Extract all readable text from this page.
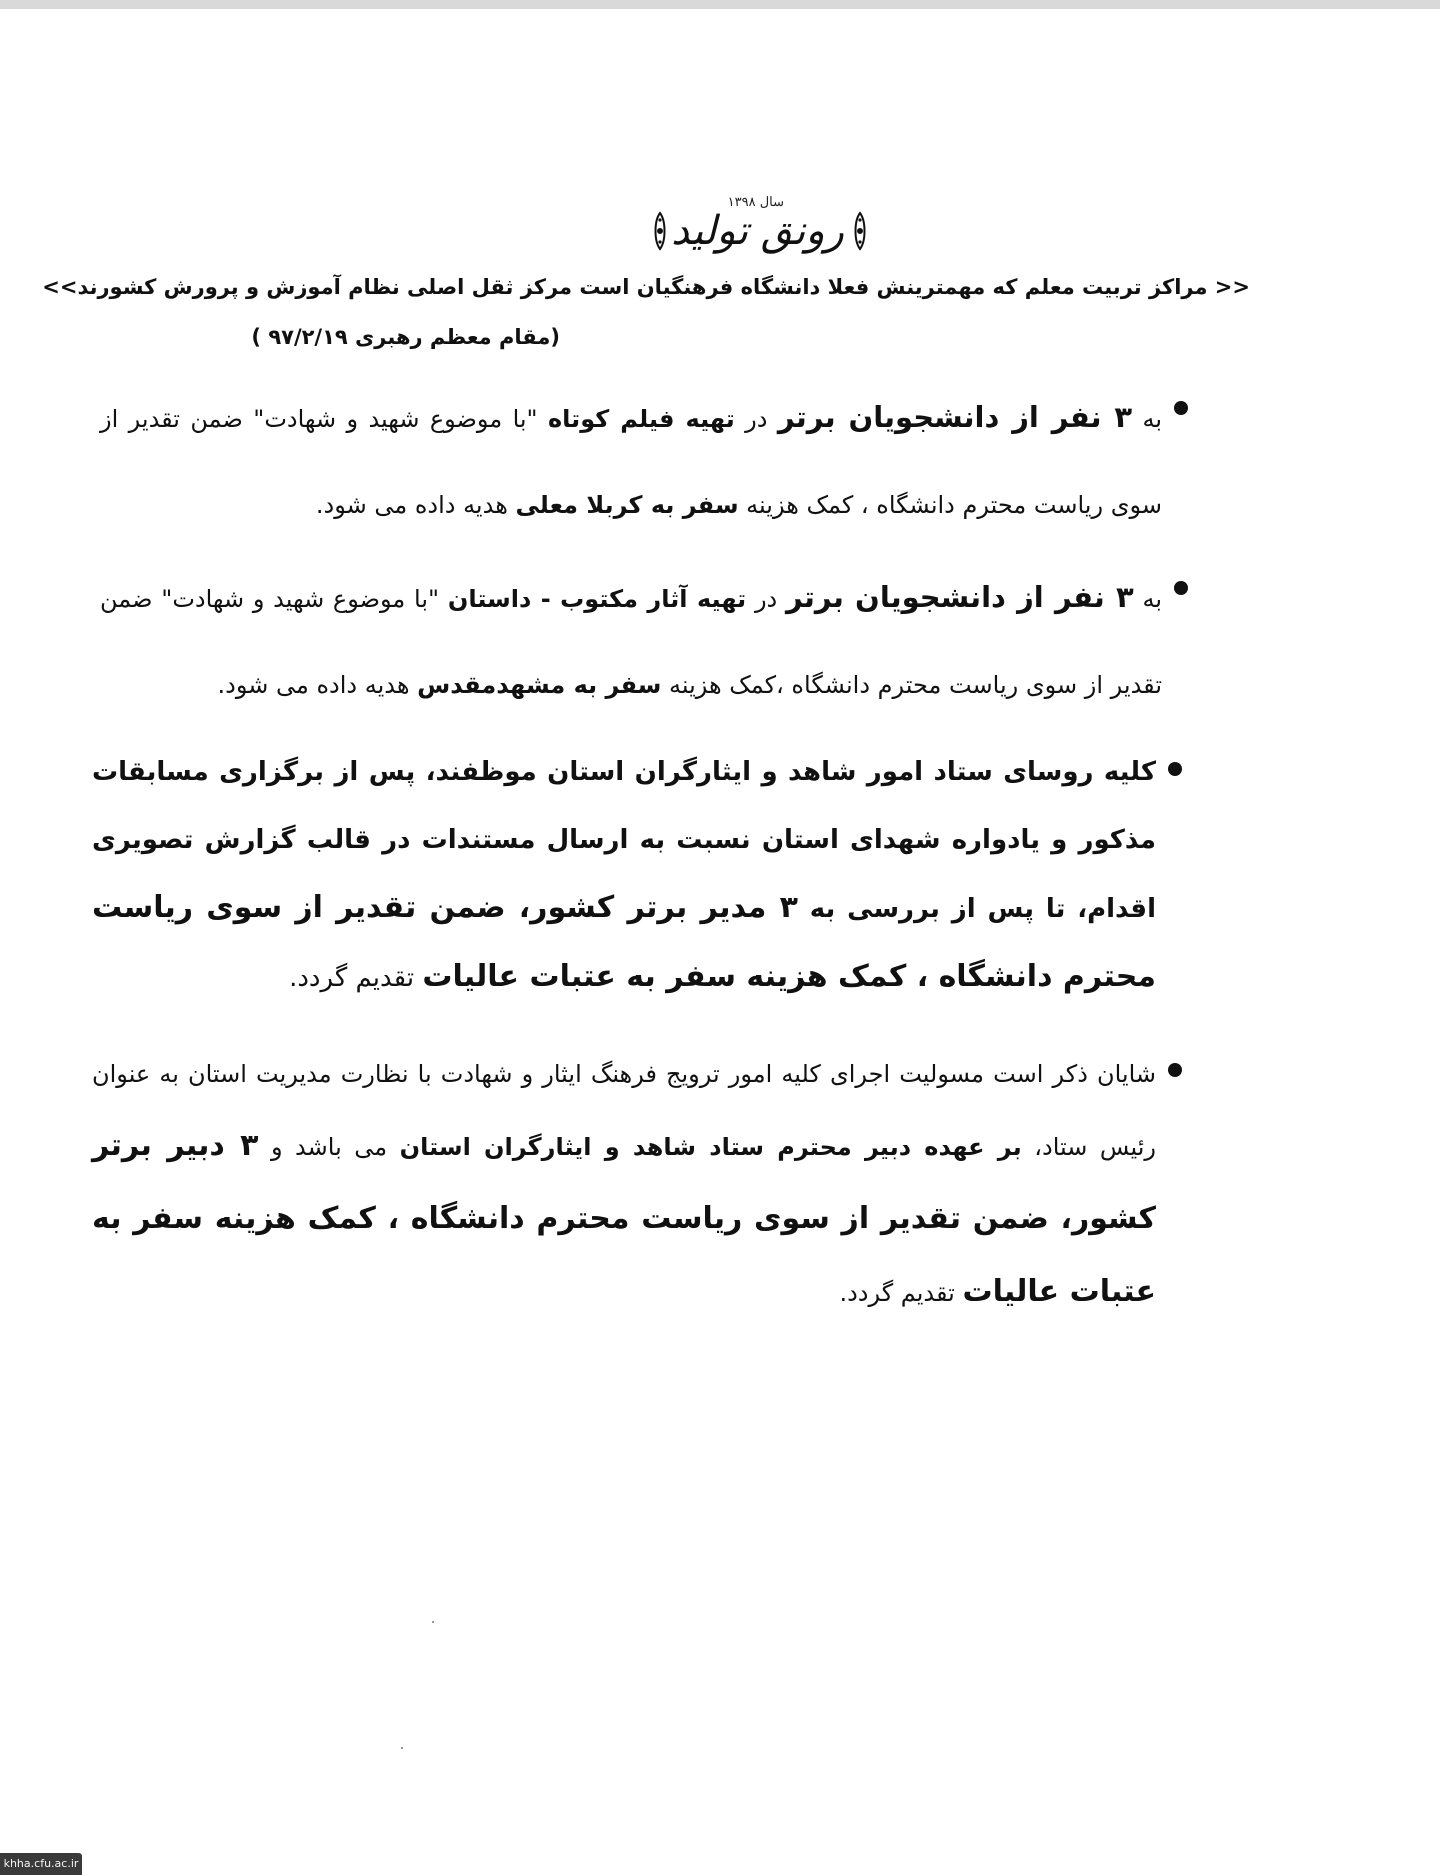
سال ۱۳۹۸
رونق تولید
<< مراکز تربیت معلم که مهمترینش فعلا دانشگاه فرهنگیان است مرکز ثقل اصلی نظام آموزش و پرورش کشورند>>
(مقام معظم رهبری ۹۷/۲/۱۹ )
به ۳ نفر از دانشجویان برتر در تهیه فیلم کوتاه "با موضوع شهید و شهادت" ضمن تقدیر از سوی ریاست محترم دانشگاه ، کمک هزینه سفر به کربلا معلی هدیه داده می شود.
به ۳ نفر از دانشجویان برتر در تهیه آثار مکتوب - داستان "با موضوع شهید و شهادت" ضمن تقدیر از سوی ریاست محترم دانشگاه ،کمک هزینه سفر به مشهدمقدس هدیه داده می شود.
کلیه روسای ستاد امور شاهد و ایثارگران استان موظفند، پس از برگزاری مسابقات مذکور و یادواره شهدای استان نسبت به ارسال مستندات در قالب گزارش تصویری اقدام، تا پس از بررسی به ۳ مدیر برتر کشور، ضمن تقدیر از سوی ریاست محترم دانشگاه ، کمک هزینه سفر به عتبات عالیات تقدیم گردد.
شایان ذکر است مسولیت اجرای کلیه امور ترویج فرهنگ ایثار و شهادت با نظارت مدیریت استان به عنوان رئیس ستاد، بر عهده دبیر محترم ستاد شاهد و ایثارگران استان می باشد و ۳ دبیر برتر کشور، ضمن تقدیر از سوی ریاست محترم دانشگاه ، کمک هزینه سفر به عتبات عالیات تقدیم گردد.
khha.cfu.ac.ir
